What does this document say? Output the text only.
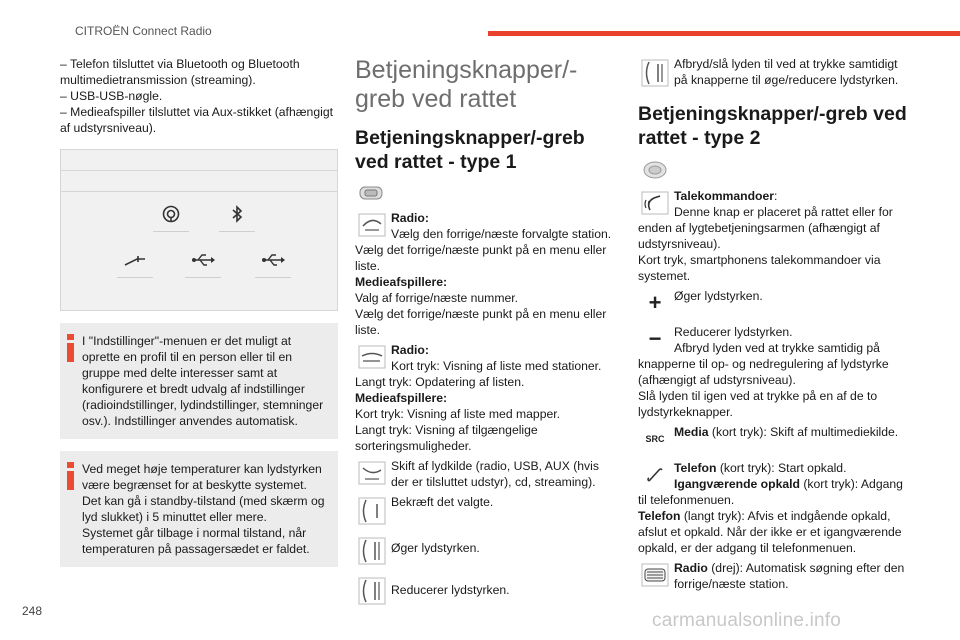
CITROËN Connect Radio
– Telefon tilsluttet via Bluetooth og Bluetooth multimedietransmission (streaming).
– USB-USB-nøgle.
– Medieafspiller tilsluttet via Aux-stikket (afhængigt af udstyrsniveau).
I "Indstillinger"-menuen er det muligt at oprette en profil til en person eller til en gruppe med delte interesser samt at konfigurere et bredt udvalg af indstillinger (radioindstillinger, lydindstillinger, stemninger osv.). Indstillinger anvendes automatisk.
Ved meget høje temperaturer kan lydstyrken være begrænset for at beskytte systemet. Det kan gå i standby-tilstand (med skærm og lyd slukket) i 5 minuttet eller mere.
Systemet går tilbage i normal tilstand, når temperaturen på passagersædet er faldet.
Betjeningsknapper/-greb ved rattet
Betjeningsknapper/-greb ved rattet - type 1
Radio:
Vælg den forrige/næste forvalgte station.
Vælg det forrige/næste punkt på en menu eller liste.
Medieafspillere:
Valg af forrige/næste nummer.
Vælg det forrige/næste punkt på en menu eller liste.
Radio:
Kort tryk: Visning af liste med stationer.
Langt tryk: Opdatering af listen.
Medieafspillere:
Kort tryk: Visning af liste med mapper.
Langt tryk: Visning af tilgængelige sorteringsmuligheder.
Skift af lydkilde (radio, USB, AUX (hvis der er tilsluttet udstyr), cd, streaming).
Bekræft det valgte.
Øger lydstyrken.
Reducerer lydstyrken.
Afbryd/slå lyden til ved at trykke samtidigt på knapperne til øge/reducere lydstyrken.
Betjeningsknapper/-greb ved rattet - type 2
Talekommandoer:
Denne knap er placeret på rattet eller for enden af lygtebetjeningsarmen (afhængigt af udstyrsniveau).
Kort tryk, smartphonens talekommandoer via systemet.
+	Øger lydstyrken.
−	Reducerer lydstyrken.
Afbryd lyden ved at trykke samtidig på knapperne til op- og nedregulering af lydstyrke (afhængigt af udstyrsniveau).
Slå lyden til igen ved at trykke på en af de to lydstyrkeknapper.
SRC Media (kort tryk): Skift af multimediekilde.
Telefon (kort tryk): Start opkald.
Igangværende opkald (kort tryk): Adgang til telefonmenuen.
Telefon (langt tryk): Afvis et indgående opkald, afslut et opkald. Når der ikke er et igangværende opkald, er der adgang til telefonmenuen.
Radio (drej): Automatisk søgning efter den forrige/næste station.
248	carmanualsonline.info
